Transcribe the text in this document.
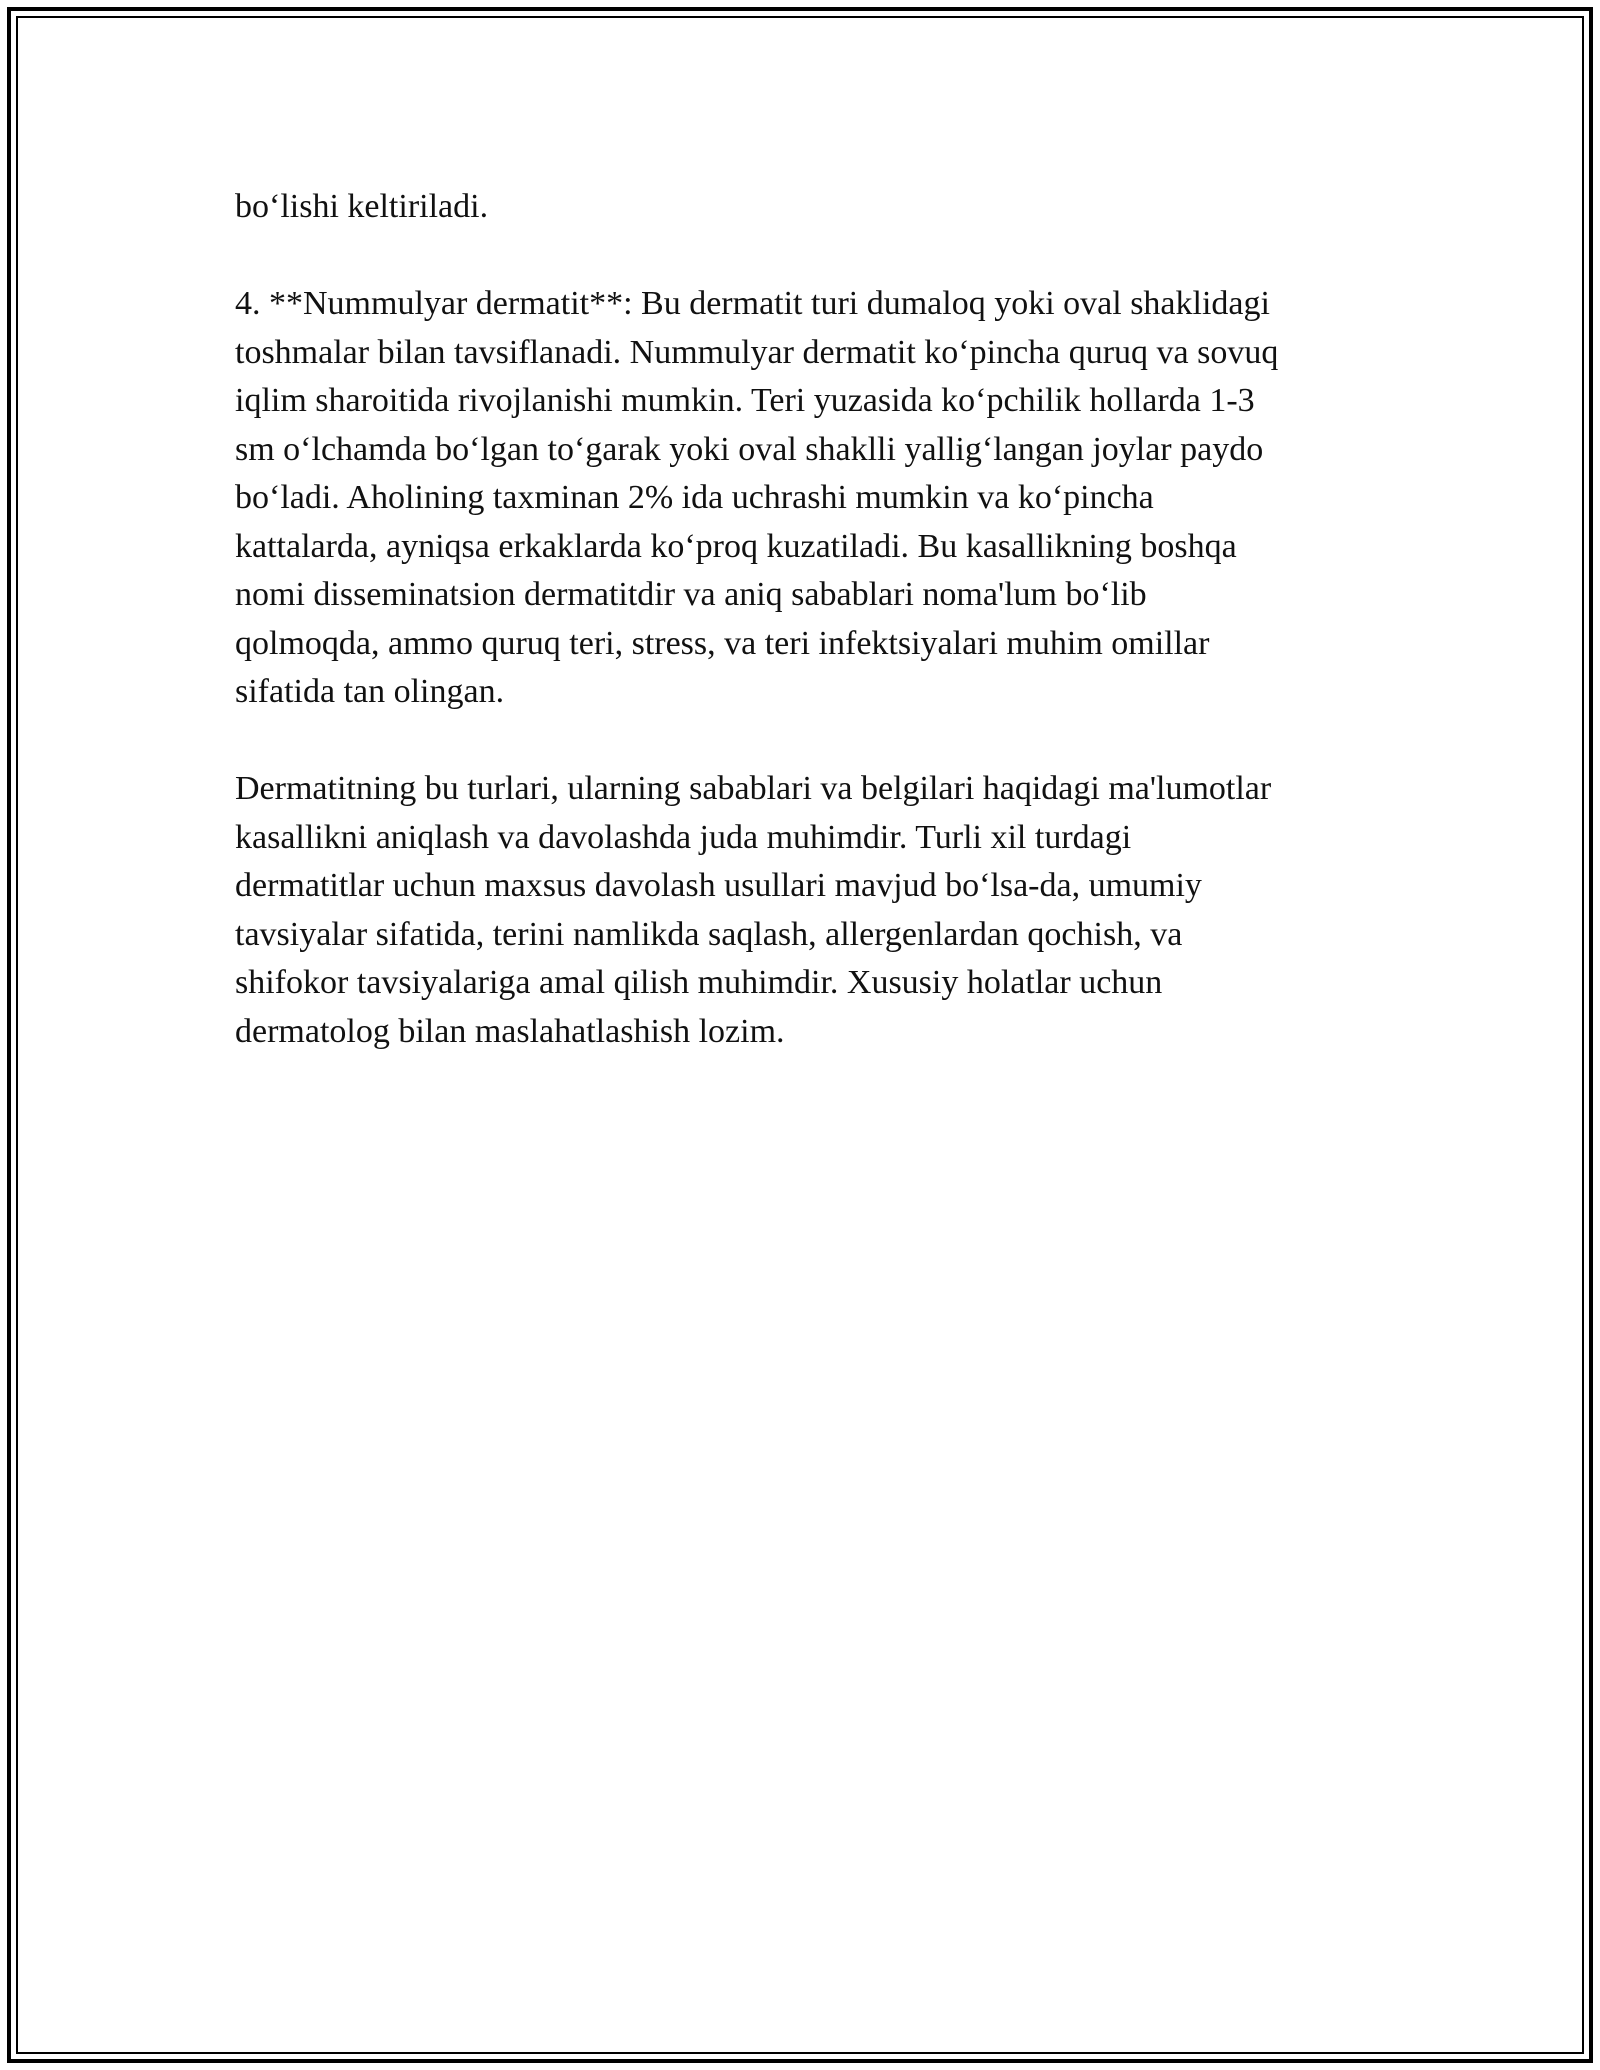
bo‘lishi keltiriladi.

4. **Nummulyar dermatit**: Bu dermatit turi dumaloq yoki oval shaklidagi
toshmalar bilan tavsiflanadi. Nummulyar dermatit ko‘pincha quruq va sovuq
iqlim sharoitida rivojlanishi mumkin. Teri yuzasida ko‘pchilik hollarda 1-3
sm o‘lchamda bo‘lgan to‘garak yoki oval shaklli yallig‘langan joylar paydo
bo‘ladi. Aholining taxminan 2% ida uchrashi mumkin va ko‘pincha
kattalarda, ayniqsa erkaklarda ko‘proq kuzatiladi. Bu kasallikning boshqa
nomi disseminatsion dermatitdir va aniq sabablari noma'lum bo‘lib
qolmoqda, ammo quruq teri, stress, va teri infektsiyalari muhim omillar
sifatida tan olingan.

Dermatitning bu turlari, ularning sabablari va belgilari haqidagi ma'lumotlar
kasallikni aniqlash va davolashda juda muhimdir. Turli xil turdagi
dermatitlar uchun maxsus davolash usullari mavjud bo‘lsa-da, umumiy
tavsiyalar sifatida, terini namlikda saqlash, allergenlardan qochish, va
shifokor tavsiyalariga amal qilish muhimdir. Xususiy holatlar uchun
dermatolog bilan maslahatlashish lozim.
